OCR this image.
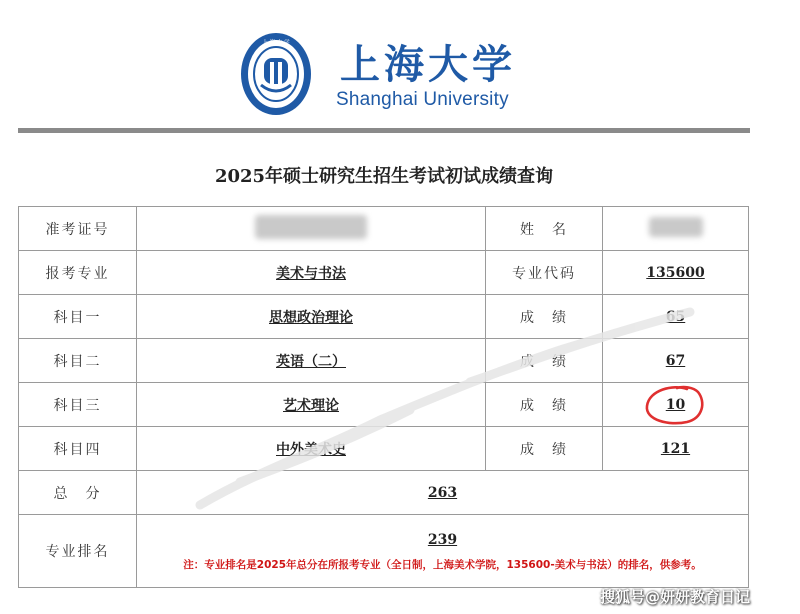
上 海 大 学 上海大学
Shanghai University
2025年硕士研究生招生考试初试成绩查询
准考证号		姓　名	
报考专业	美术与书法	专业代码	135600
科目一	思想政治理论	成　绩	65
科目二	英语（二）	成　绩	67
科目三	艺术理论	成　绩	10
科目四	中外美术史	成　绩	121
总　分	263		
专业排名	239
注：专业排名是2025年总分在所报考专业（全日制，上海美术学院，135600-美术与书法）的排名，供参考。		
搜狐号@妍妍教育日记
